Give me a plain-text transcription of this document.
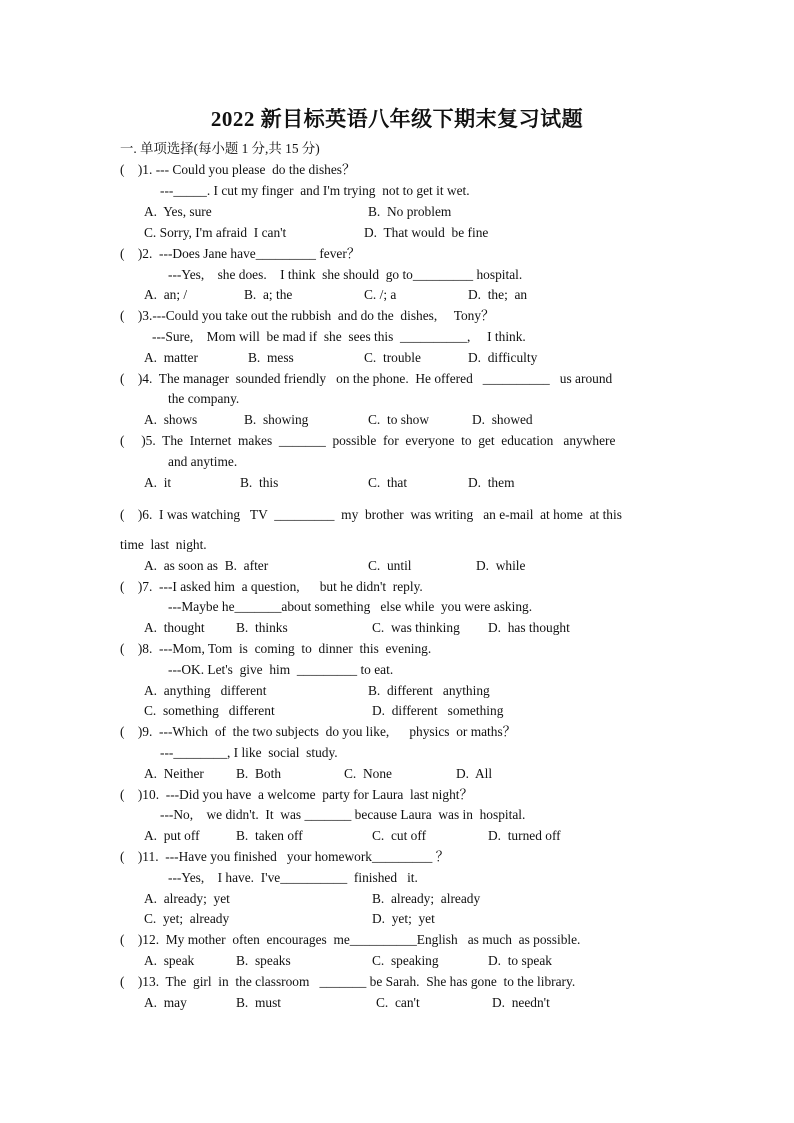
2022 新目标英语八年级下期末复习试题
一. 单项选择(每小题 1 分,共 15 分)
(    )1. --- Could you please  do the dishes？
---_____. I cut my finger  and I'm trying  not to get it wet.
A.  Yes, sure	B.  No problem
C. Sorry, I'm afraid  I can't	D.  That would  be fine
(    )2.  ---Does Jane have_________ fever？
---Yes,    she does.    I think  she should  go to_________ hospital.
A.  an; /	B.  a; the	C. /; a	D.  the;  an
(    )3.---Could you take out the rubbish  and do the  dishes,     Tony？
---Sure,    Mom will  be mad if  she  sees this  __________,     I think.
A.  matter	B.  mess	C.  trouble	D.  difficulty
(    )4.  The manager  sounded friendly   on the phone.  He offered   __________   us around
the company.
A.  shows	B.  showing	C.  to show	D.  showed
(     )5.  The  Internet  makes  _______  possible  for  everyone  to  get  education   anywhere
and anytime.
A.  it	B.  this	C.  that	D.  them
(    )6.  I was watching   TV  _________  my  brother  was writing   an e-mail  at home  at this
time  last  night.
A.  as soon as  B.  after	C.  until	D.  while
(    )7.  ---I asked him  a question,      but he didn't  reply.
---Maybe he_______about something   else while  you were asking.
A.  thought B.  thinks	C.  was thinking D.  has thought
(    )8.  ---Mom, Tom  is  coming  to  dinner  this  evening.
---OK. Let's  give  him  _________ to eat.
A.  anything   different	B.  different   anything
C.  something   different	D.  different   something
(    )9.  ---Which  of  the two subjects  do you like,      physics  or maths？
---________, I like  social  study.
A.  Neither B.  Both	C.  None	D.  All
(    )10.  ---Did you have  a welcome  party for Laura  last night？
---No,    we didn't.  It  was _______ because Laura  was in  hospital.
A.  put off	B.  taken off	C.  cut off	D.  turned off
(    )11.  ---Have you finished   your homework_________ ？
---Yes,    I have.  I've__________  finished   it.
A.  already;  yet	B.  already;  already
C.  yet;  already	D.  yet;  yet
(    )12.  My mother  often  encourages  me__________English   as much  as possible.
A.  speak	B.  speaks	C.  speaking	D.  to speak
(    )13.  The  girl  in  the classroom   _______ be Sarah.  She has gone  to the library.
A.  may	B.  must	C.  can't	D.  needn't
